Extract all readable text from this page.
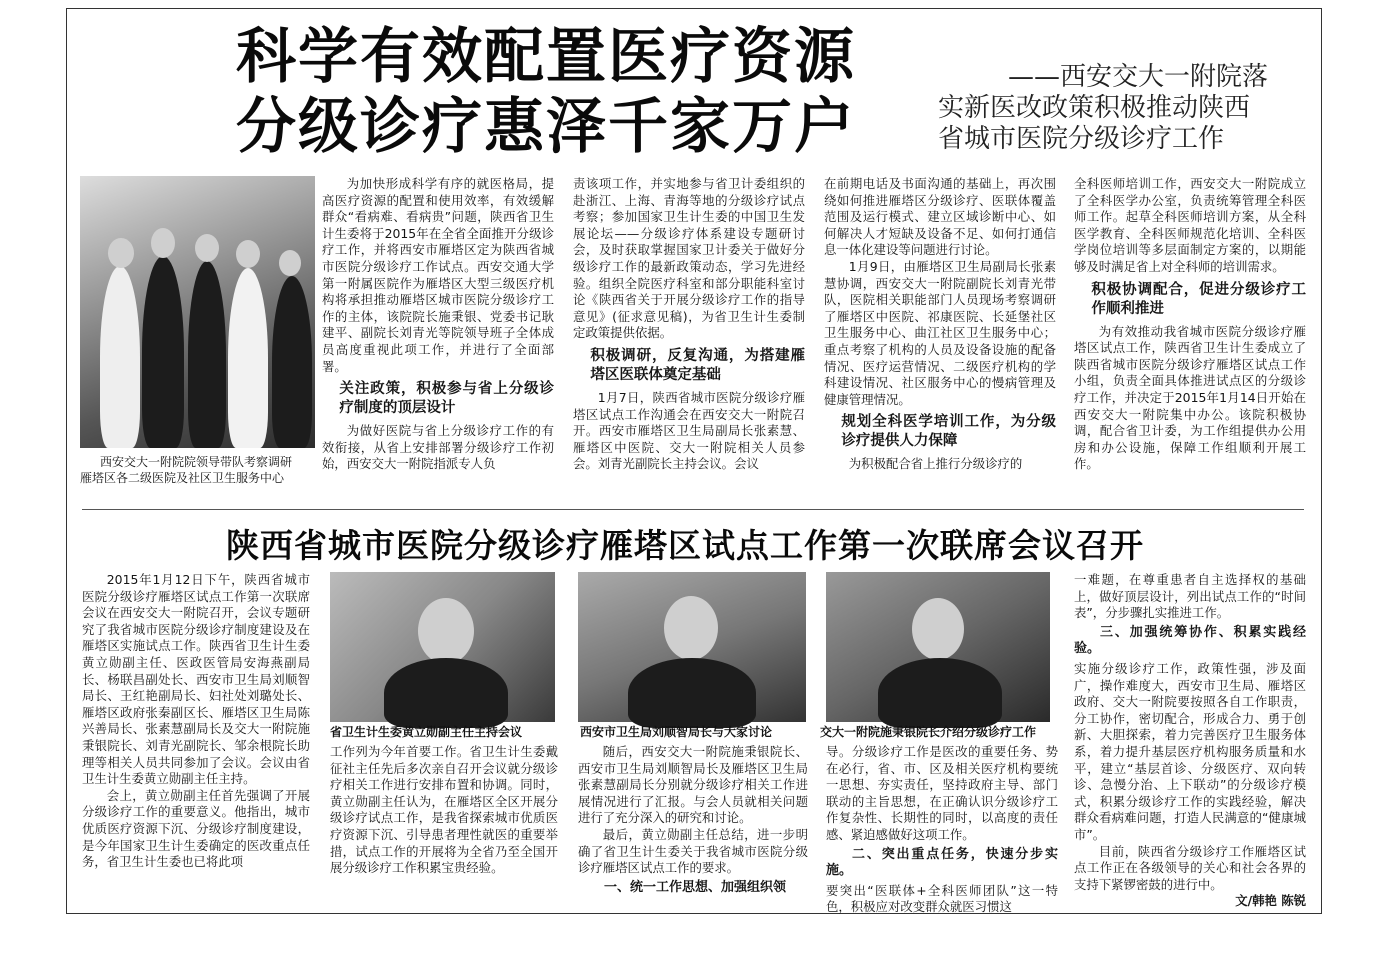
科学有效配置医疗资源
分级诊疗惠泽千家万户
——西安交大一附院落
实新医改政策积极推动陕西
省城市医院分级诊疗工作
西安交大一附院院领导带队考察调研
雁塔区各二级医院及社区卫生服务中心

为加快形成科学有序的就医格局，提高医疗资源的配置和使用效率，有效缓解群众“看病难、看病贵”问题，陕西省卫生计生委将于2015年在全省全面推开分级诊疗工作，并将西安市雁塔区定为陕西省城市医院分级诊疗工作试点。西安交通大学第一附属医院作为雁塔区大型三级医疗机构将承担推动雁塔区城市医院分级诊疗工作的主体，该院院长施秉银、党委书记耿建平、副院长刘青光等院领导班子全体成员高度重视此项工作，并进行了全面部署。

关注政策，积极参与省上分级诊疗制度的顶层设计

为做好医院与省上分级诊疗工作的有效衔接，从省上安排部署分级诊疗工作初始，西安交大一附院指派专人负

责该项工作，并实地参与省卫计委组织的赴浙江、上海、青海等地的分级诊疗试点考察；参加国家卫生计生委的中国卫生发展论坛——分级诊疗体系建设专题研讨会，及时获取掌握国家卫计委关于做好分级诊疗工作的最新政策动态，学习先进经验。组织全院医疗科室和部分职能科室讨论《陕西省关于开展分级诊疗工作的指导意见》(征求意见稿)，为省卫生计生委制定政策提供依据。

积极调研，反复沟通，为搭建雁塔区医联体奠定基础

1月7日，陕西省城市医院分级诊疗雁塔区试点工作沟通会在西安交大一附院召开。西安市雁塔区卫生局副局长张素慧、雁塔区中医院、交大一附院相关人员参会。刘青光副院长主持会议。会议

在前期电话及书面沟通的基础上，再次围绕如何推进雁塔区分级诊疗、医联体覆盖范围及运行模式、建立区域诊断中心、如何解决人才短缺及设备不足、如何打通信息一体化建设等问题进行讨论。

1月9日，由雁塔区卫生局副局长张素慧协调，西安交大一附院副院长刘青光带队，医院相关职能部门人员现场考察调研了雁塔区中医院、祁康医院、长延堡社区卫生服务中心、曲江社区卫生服务中心；重点考察了机构的人员及设备设施的配备情况、医疗运营情况、二级医疗机构的学科建设情况、社区服务中心的慢病管理及健康管理情况。

规划全科医学培训工作，为分级诊疗提供人力保障

为积极配合省上推行分级诊疗的

全科医师培训工作，西安交大一附院成立了全科医学办公室，负责统筹管理全科医师工作。起草全科医师培训方案，从全科医学教育、全科医师规范化培训、全科医学岗位培训等多层面制定方案的，以期能够及时满足省上对全科师的培训需求。

积极协调配合，促进分级诊疗工作顺利推进

为有效推动我省城市医院分级诊疗雁塔区试点工作，陕西省卫生计生委成立了陕西省城市医院分级诊疗雁塔区试点工作小组，负责全面具体推进试点区的分级诊疗工作，并决定于2015年1月14日开始在西安交大一附院集中办公。该院积极协调，配合省卫计委，为工作组提供办公用房和办公设施，保障工作组顺利开展工作。

陕西省城市医院分级诊疗雁塔区试点工作第一次联席会议召开

2015年1月12日下午，陕西省城市医院分级诊疗雁塔区试点工作第一次联席会议在西安交大一附院召开，会议专题研究了我省城市医院分级诊疗制度建设及在雁塔区实施试点工作。陕西省卫生计生委黄立勋副主任、医政医管局安海燕副局长、杨联昌副处长、西安市卫生局刘顺智局长、王红艳副局长、妇社处刘璐处长、雁塔区政府张秦副区长、雁塔区卫生局陈兴善局长、张素慧副局长及交大一附院施秉银院长、刘青光副院长、邹余根院长助理等相关人员共同参加了会议。会议由省卫生计生委黄立勋副主任主持。

会上，黄立勋副主任首先强调了开展分级诊疗工作的重要意义。他指出，城市优质医疗资源下沉、分级诊疗制度建设，是今年国家卫生计生委确定的医改重点任务，省卫生计生委也已将此项

省卫生计生委黄立勋副主任主持会议

工作列为今年首要工作。省卫生计生委戴征社主任先后多次亲自召开会议就分级诊疗相关工作进行安排布置和协调。同时，黄立勋副主任认为，在雁塔区全区开展分级诊疗试点工作，是我省探索城市优质医疗资源下沉、引导患者理性就医的重要举措，试点工作的开展将为全省乃至全国开展分级诊疗工作积累宝贵经验。

西安市卫生局刘顺智局长与大家讨论

随后，西安交大一附院施秉银院长、西安市卫生局刘顺智局长及雁塔区卫生局张素慧副局长分别就分级诊疗相关工作进展情况进行了汇报。与会人员就相关问题进行了充分深入的研究和讨论。

最后，黄立勋副主任总结，进一步明确了省卫生计生委关于我省城市医院分级诊疗雁塔区试点工作的要求。

一、统一工作思想、加强组织领
交大一附院施秉银院长介绍分级诊疗工作

导。分级诊疗工作是医改的重要任务、势在必行，省、市、区及相关医疗机构要统一思想、夯实责任，坚持政府主导、部门联动的主旨思想，在正确认识分级诊疗工作复杂性、长期性的同时，以高度的责任感、紧迫感做好这项工作。

二、突出重点任务，快速分步实施。

要突出“医联体+全科医师团队”这一特色，积极应对改变群众就医习惯这

一难题，在尊重患者自主选择权的基础上，做好顶层设计，列出试点工作的“时间表”，分步骤扎实推进工作。

三、加强统筹协作、积累实践经验。

实施分级诊疗工作，政策性强，涉及面广，操作难度大，西安市卫生局、雁塔区政府、交大一附院要按照各自工作职责，分工协作，密切配合，形成合力、勇于创新、大胆探索，着力完善医疗卫生服务体系，着力提升基层医疗机构服务质量和水平，建立“基层首诊、分级医疗、双向转诊、急慢分治、上下联动”的分级诊疗模式，积累分级诊疗工作的实践经验，解决群众看病难问题，打造人民满意的“健康城市”。

目前，陕西省分级诊疗工作雁塔区试点工作正在各级领导的关心和社会各界的支持下紧锣密鼓的进行中。

文/韩艳 陈锐
